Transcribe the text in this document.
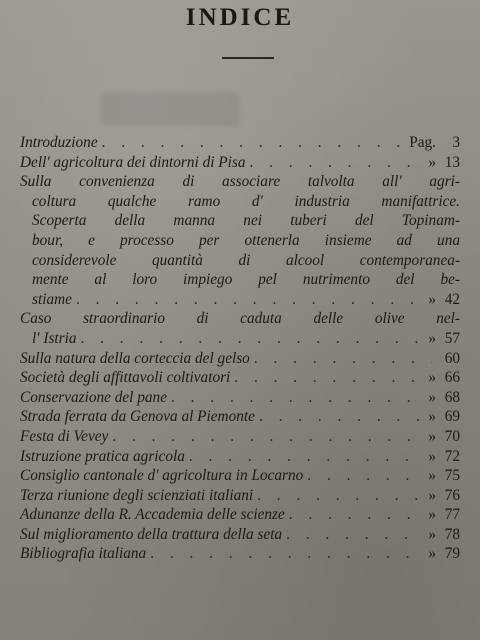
INDICE
Introduzione . . .	Pag.	3
Dell' agricoltura dei dintorni di Pisa . . .	» 13
Sulla convenienza di associare talvolta all' agri-
coltura qualche ramo d' industria manifattrice.
Scoperta della manna nei tuberi del Topinam-
bour, e processo per ottenerla insieme ad una
considerevole quantità di alcool contemporanea-
mente al loro impiego pel nutrimento del be-
stiame . . .	» 42
Caso straordinario di caduta delle olive nel-
l' Istria . . .	» 57
Sulla natura della corteccia del gelso . . .	60
Società degli affittavoli coltivatori . . .	» 66
Conservazione del pane . . .	» 68
Strada ferrata da Genova al Piemonte . . .	» 69
Festa di Vevey . . .	» 70
Istruzione pratica agricola . . .	» 72
Consiglio cantonale d' agricoltura in Locarno . . .	» 75
Terza riunione degli scienziati italiani . . .	» 76
Adunanze della R. Accademia delle scienze . . .	» 77
Sul miglioramento della trattura della seta . . .	» 78
Bibliografia italiana . . .	» 79
